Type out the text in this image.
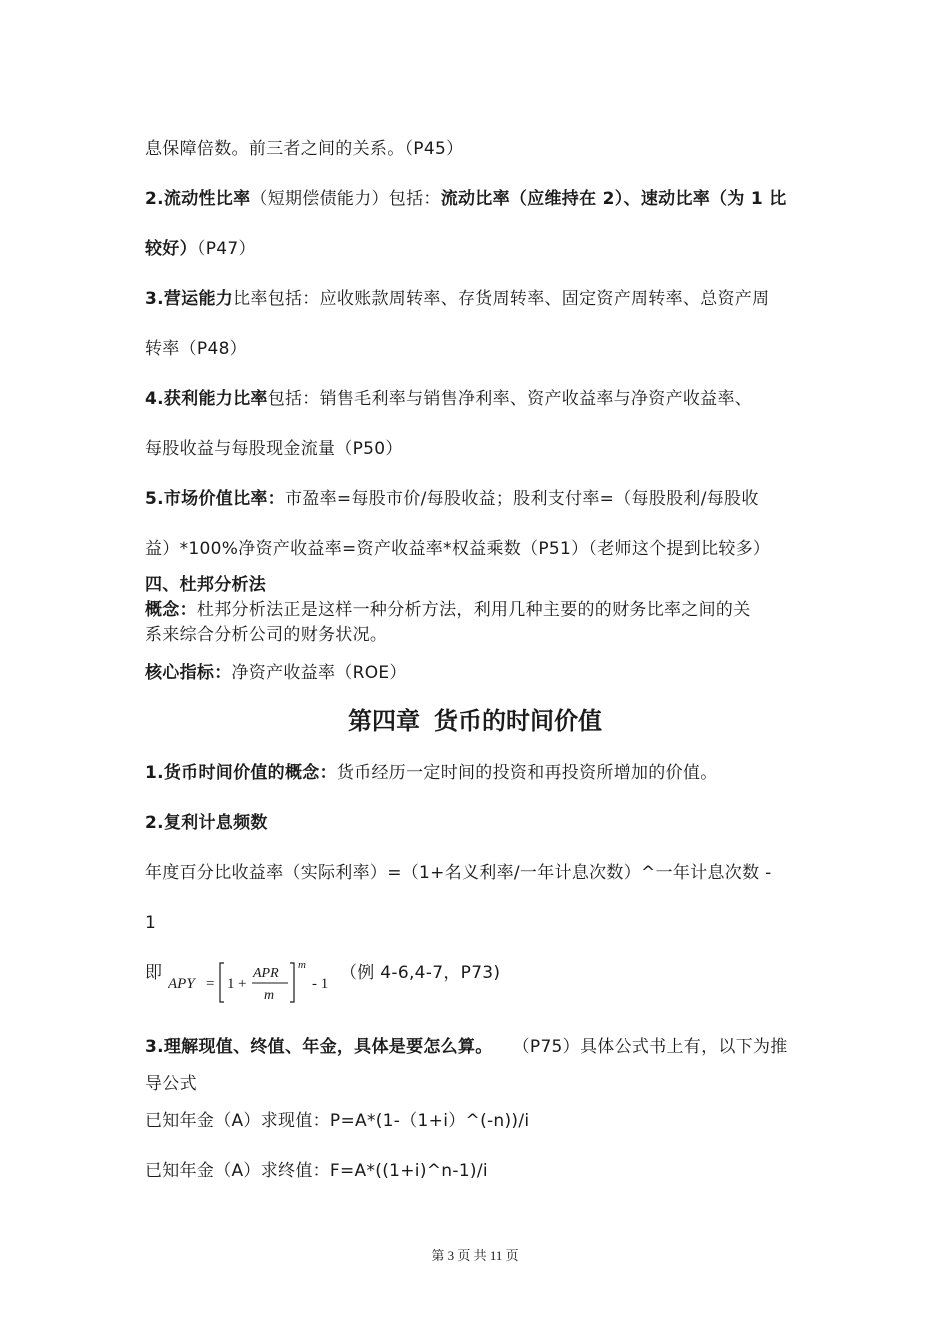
息保障倍数。前三者之间的关系。（P45）
2.流动性比率（短期偿债能力）包括：流动比率（应维持在 2）、速动比率（为 1 比
较好）（P47）
3.营运能力比率包括：应收账款周转率、存货周转率、固定资产周转率、总资产周
转率（P48）
4.获利能力比率包括：销售毛利率与销售净利率、资产收益率与净资产收益率、
每股收益与每股现金流量（P50）
5.市场价值比率：市盈率=每股市价/每股收益；股利支付率=（每股股利/每股收
益）*100%净资产收益率=资产收益率*权益乘数（P51）（老师这个提到比较多）
四、杜邦分析法
概念：杜邦分析法正是这样一种分析方法，利用几种主要的的财务比率之间的关
系来综合分析公司的财务状况。
核心指标：净资产收益率（ROE）
第四章 货币的时间价值
1.货币时间价值的概念：货币经历一定时间的投资和再投资所增加的价值。
2.复利计息频数
年度百分比收益率（实际利率）=（1+名义利率/一年计息次数）^一年计息次数 -
1
即
APY = 1 +
APR
m
m
- 1
（例 4-6,4-7，P73)
3.理解现值、终值、年金，具体是要怎么算。 （P75）具体公式书上有，以下为推
导公式
已知年金（A）求现值：P=A*(1-（1+i）^(-n))/i
已知年金（A）求终值：F=A*((1+i)^n-1)/i
第 3 页 共 11 页
